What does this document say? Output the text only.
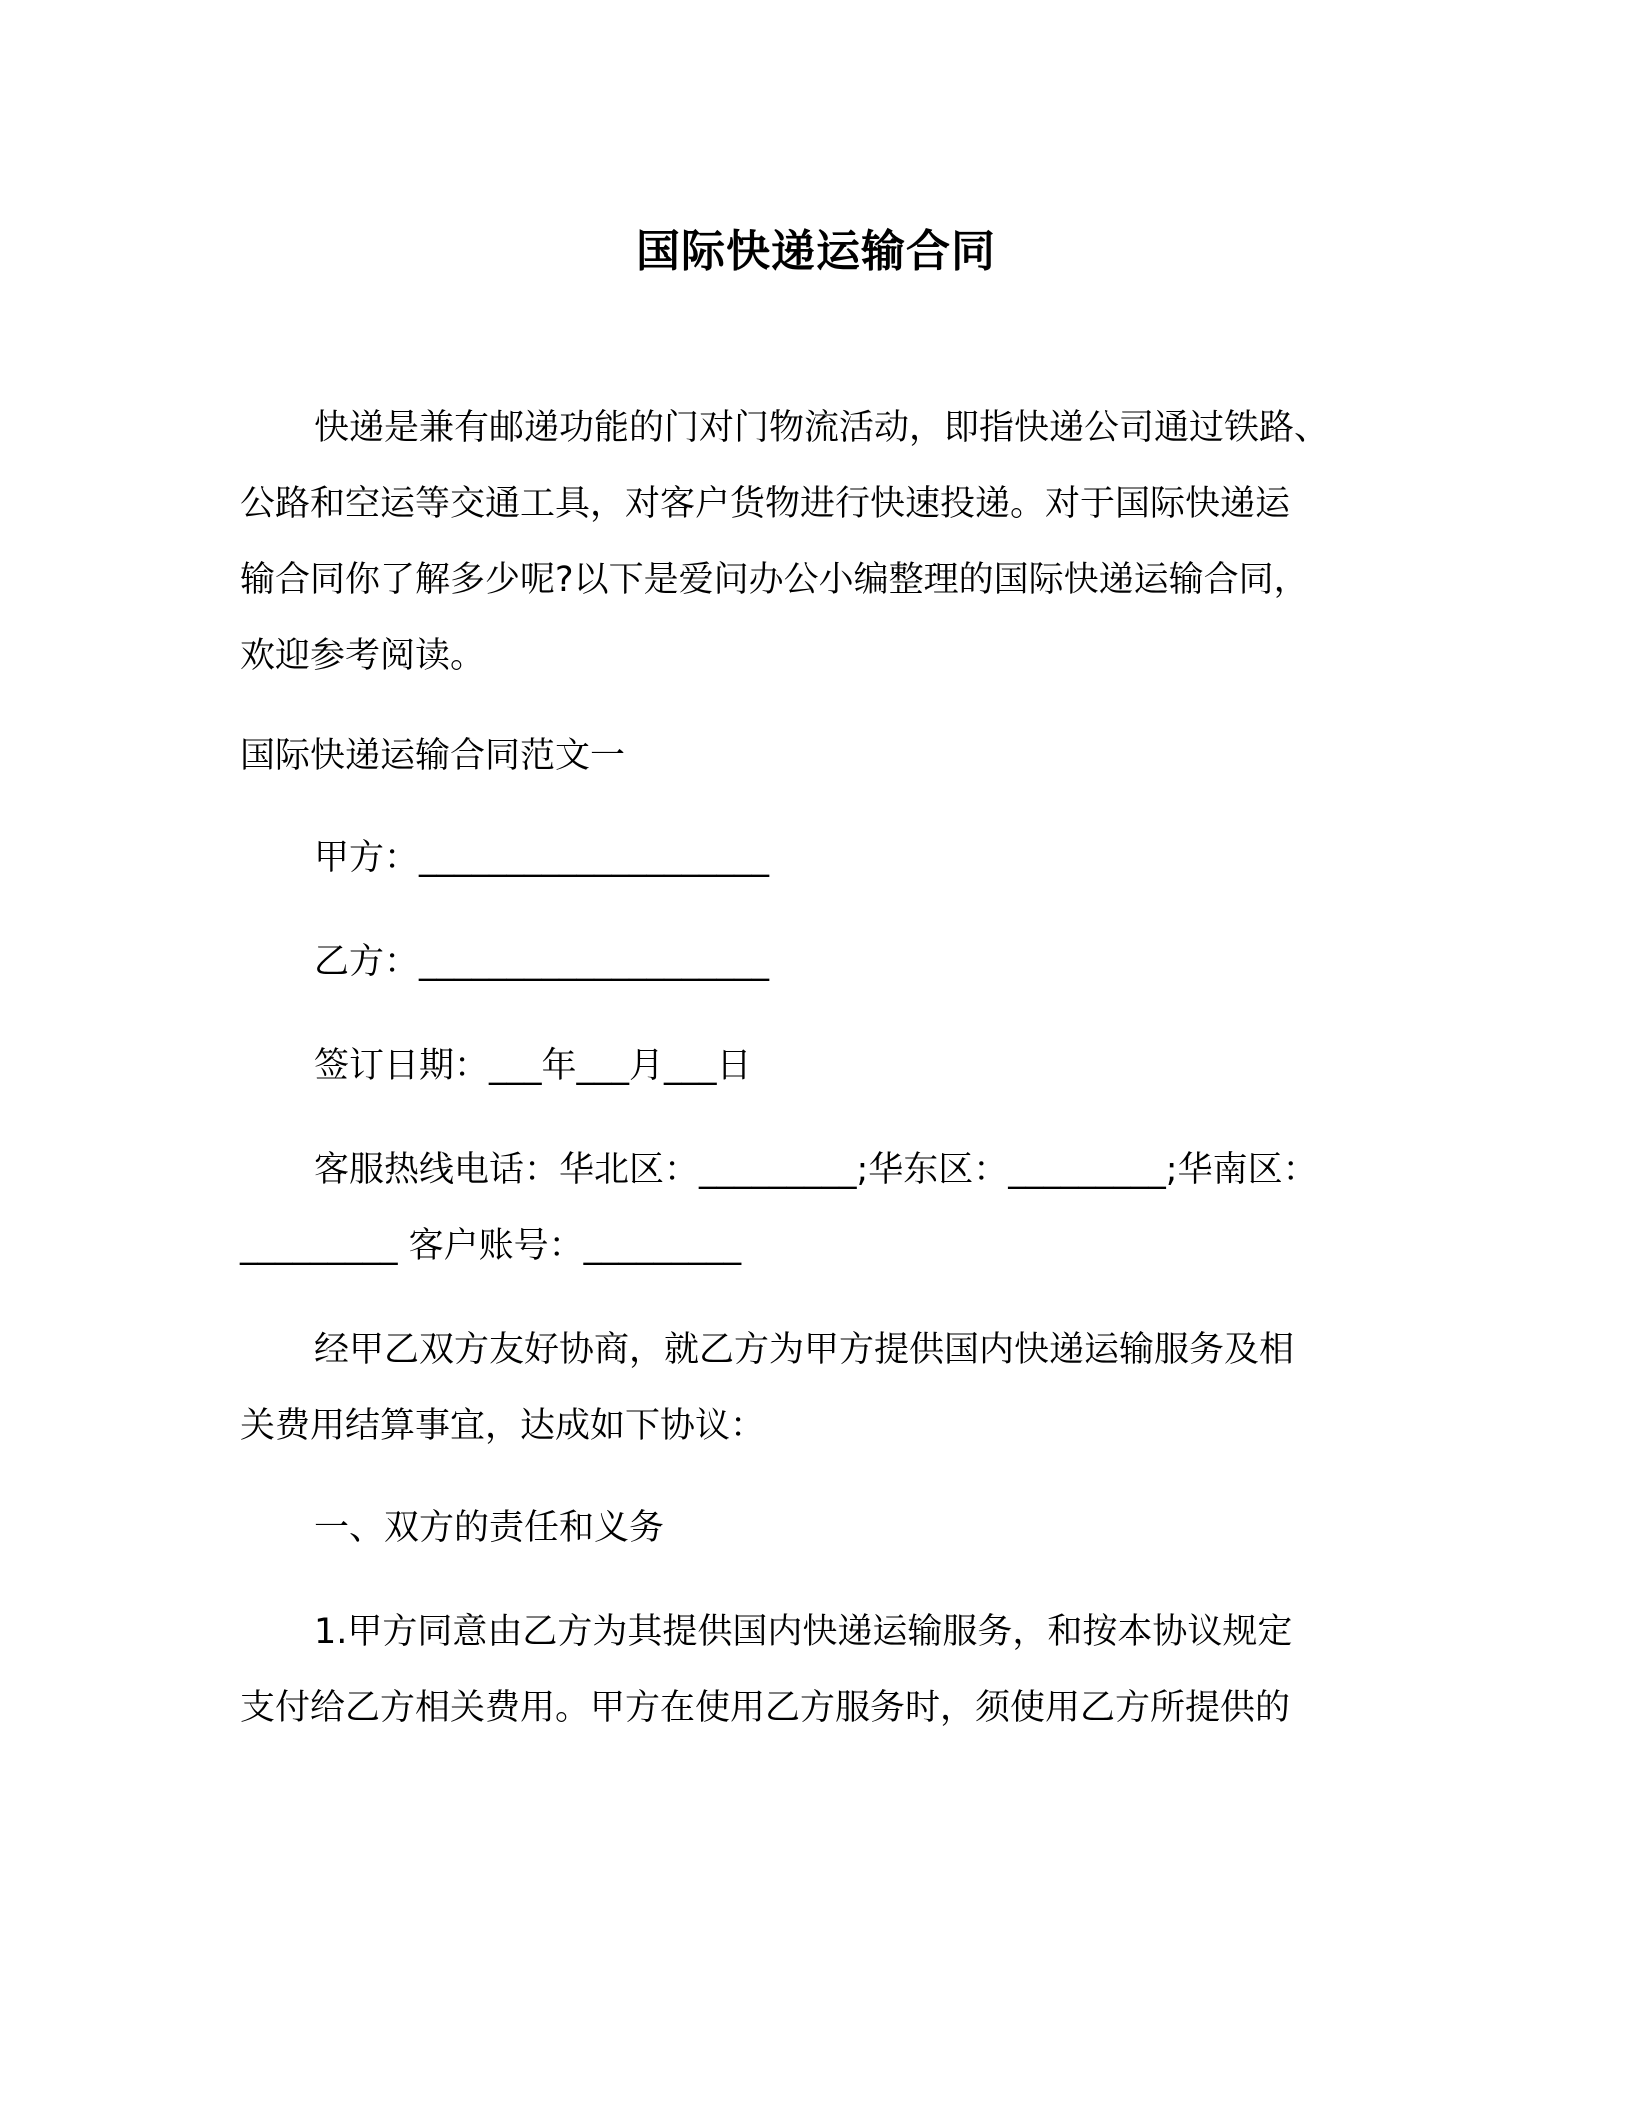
国际快递运输合同

快递是兼有邮递功能的门对门物流活动，即指快递公司通过铁路、

公路和空运等交通工具，对客户货物进行快速投递。对于国际快递运

输合同你了解多少呢?以下是爱问办公小编整理的国际快递运输合同，

欢迎参考阅读。

国际快递运输合同范文一

甲方：____________________

乙方：____________________

签订日期：___年___月___日

客服热线电话：华北区：_________;华东区：_________;华南区：

_________ 客户账号：_________

经甲乙双方友好协商，就乙方为甲方提供国内快递运输服务及相

关费用结算事宜，达成如下协议：

一、双方的责任和义务

1.甲方同意由乙方为其提供国内快递运输服务，和按本协议规定

支付给乙方相关费用。甲方在使用乙方服务时，须使用乙方所提供的
